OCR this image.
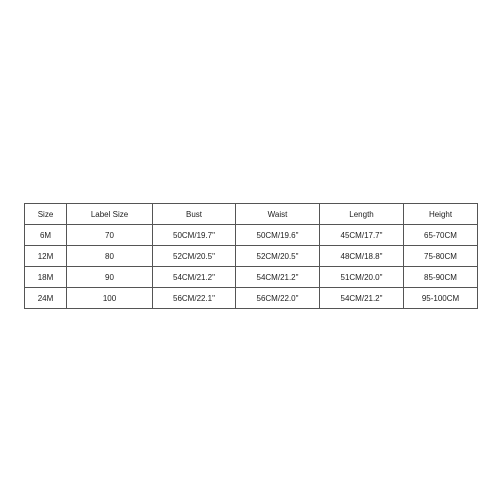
Size	Label Size	Bust	Waist	Length	Height
6M	70	50CM/19.7"	50CM/19.6"	45CM/17.7"	65-70CM
12M	80	52CM/20.5"	52CM/20.5"	48CM/18.8"	75-80CM
18M	90	54CM/21.2"	54CM/21.2"	51CM/20.0"	85-90CM
24M	100	56CM/22.1"	56CM/22.0"	54CM/21.2"	95-100CM
